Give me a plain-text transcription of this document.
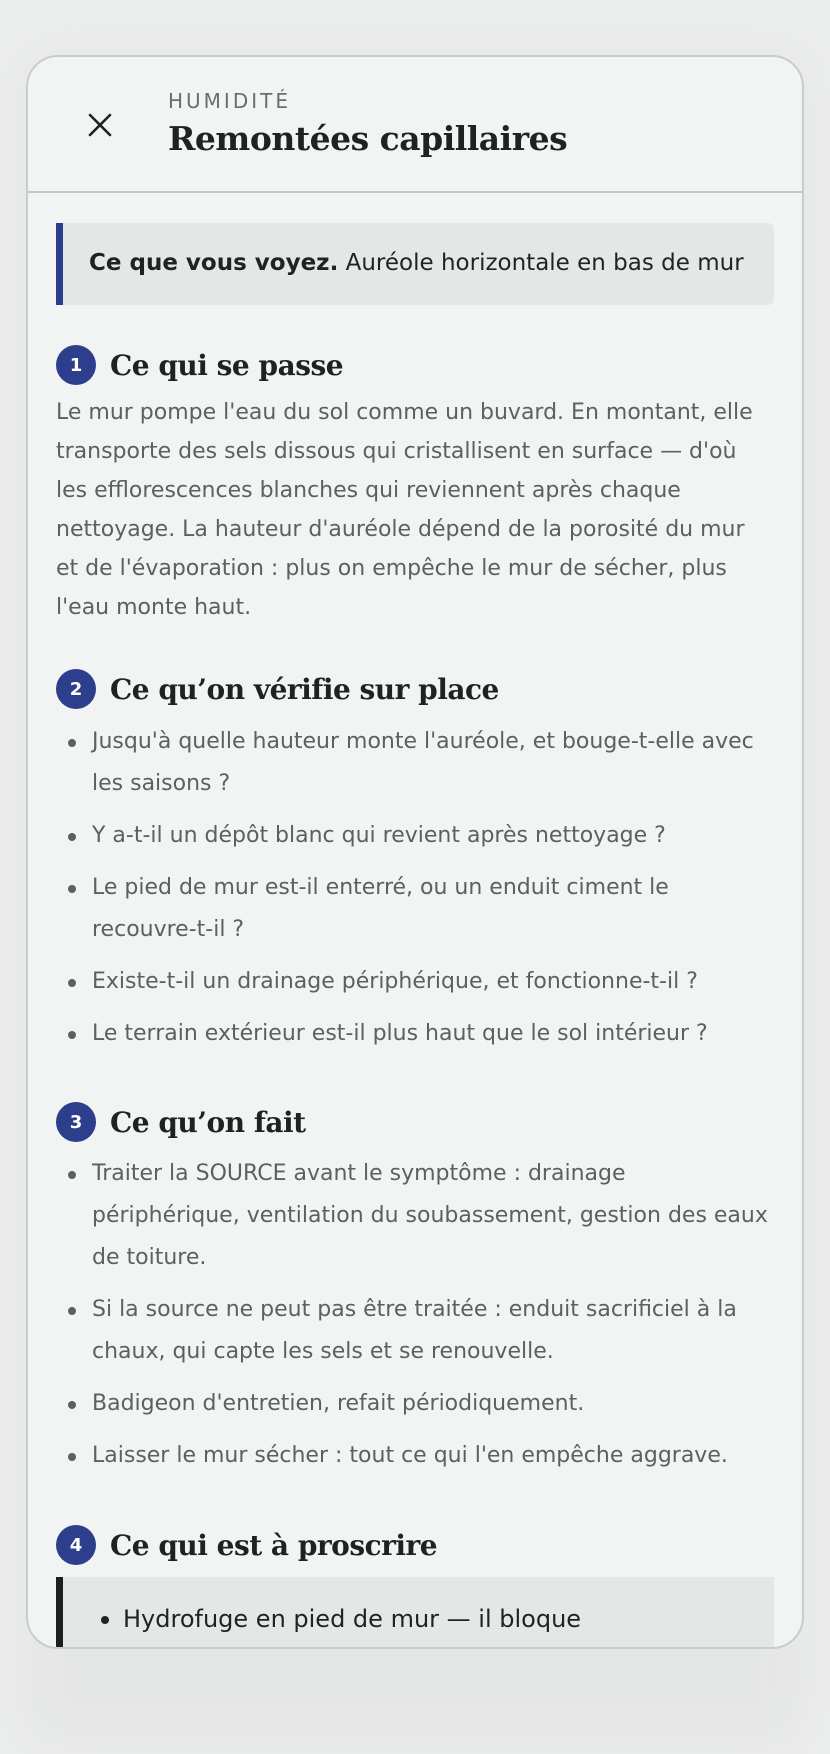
HUMIDITÉ
Remontées capillaires
Ce que vous voyez. Auréole horizontale en bas de mur
1 Ce qui se passe
Le mur pompe l'eau du sol comme un buvard. En montant, elle transporte des sels dissous qui cristallisent en surface — d'où les efflorescences blanches qui reviennent après chaque nettoyage. La hauteur d'auréole dépend de la porosité du mur et de l'évaporation : plus on empêche le mur de sécher, plus l'eau monte haut.
2 Ce qu’on vérifie sur place
Jusqu'à quelle hauteur monte l'auréole, et bouge-t-elle avec les saisons ?
Y a-t-il un dépôt blanc qui revient après nettoyage ?
Le pied de mur est-il enterré, ou un enduit ciment le recouvre-t-il ?
Existe-t-il un drainage périphérique, et fonctionne-t-il ?
Le terrain extérieur est-il plus haut que le sol intérieur ?
3 Ce qu’on fait
Traiter la SOURCE avant le symptôme : drainage périphérique, ventilation du soubassement, gestion des eaux de toiture.
Si la source ne peut pas être traitée : enduit sacrificiel à la chaux, qui capte les sels et se renouvelle.
Badigeon d'entretien, refait périodiquement.
Laisser le mur sécher : tout ce qui l'en empêche aggrave.
4 Ce qui est à proscrire
Hydrofuge en pied de mur — il bloque
